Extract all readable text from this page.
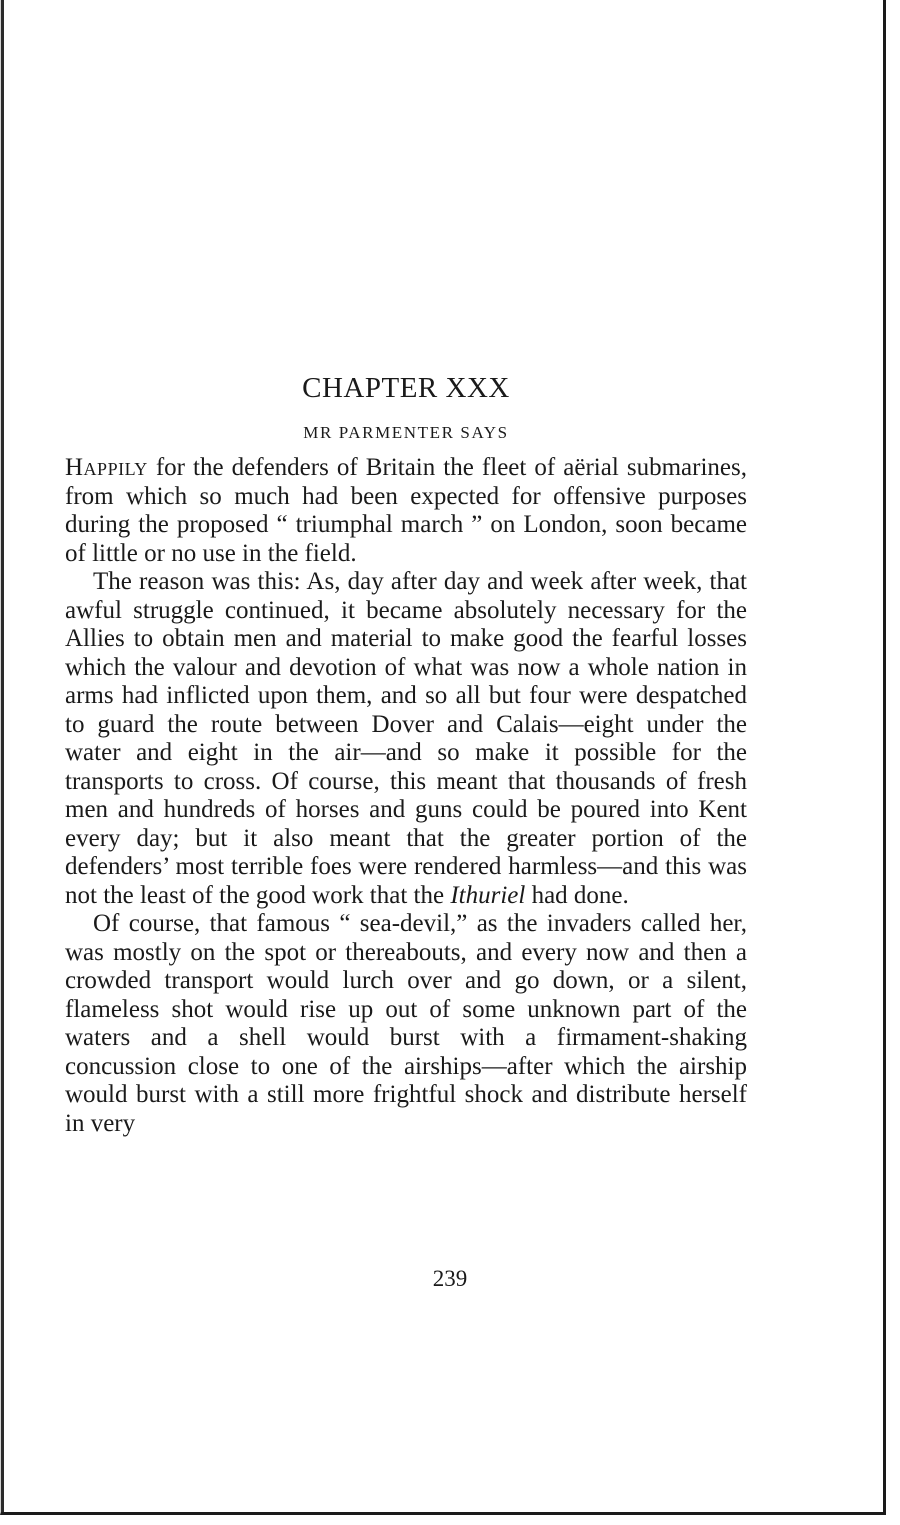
CHAPTER XXX
MR PARMENTER SAYS

Happily for the defenders of Britain the fleet of aërial submarines, from which so much had been expected for offensive purposes during the proposed “ triumphal march ” on London, soon became of little or no use in the field.

The reason was this: As, day after day and week after week, that awful struggle continued, it became absolutely necessary for the Allies to obtain men and material to make good the fearful losses which the valour and devotion of what was now a whole nation in arms had inflicted upon them, and so all but four were despatched to guard the route between Dover and Calais—eight under the water and eight in the air—and so make it possible for the transports to cross. Of course, this meant that thousands of fresh men and hundreds of horses and guns could be poured into Kent every day; but it also meant that the greater portion of the defenders’ most terrible foes were rendered harmless—and this was not the least of the good work that the Ithuriel had done.

Of course, that famous “ sea-devil,” as the invaders called her, was mostly on the spot or thereabouts, and every now and then a crowded transport would lurch over and go down, or a silent, flameless shot would rise up out of some unknown part of the waters and a shell would burst with a firmament-shaking concussion close to one of the airships—after which the airship would burst with a still more frightful shock and distribute herself in very

239
